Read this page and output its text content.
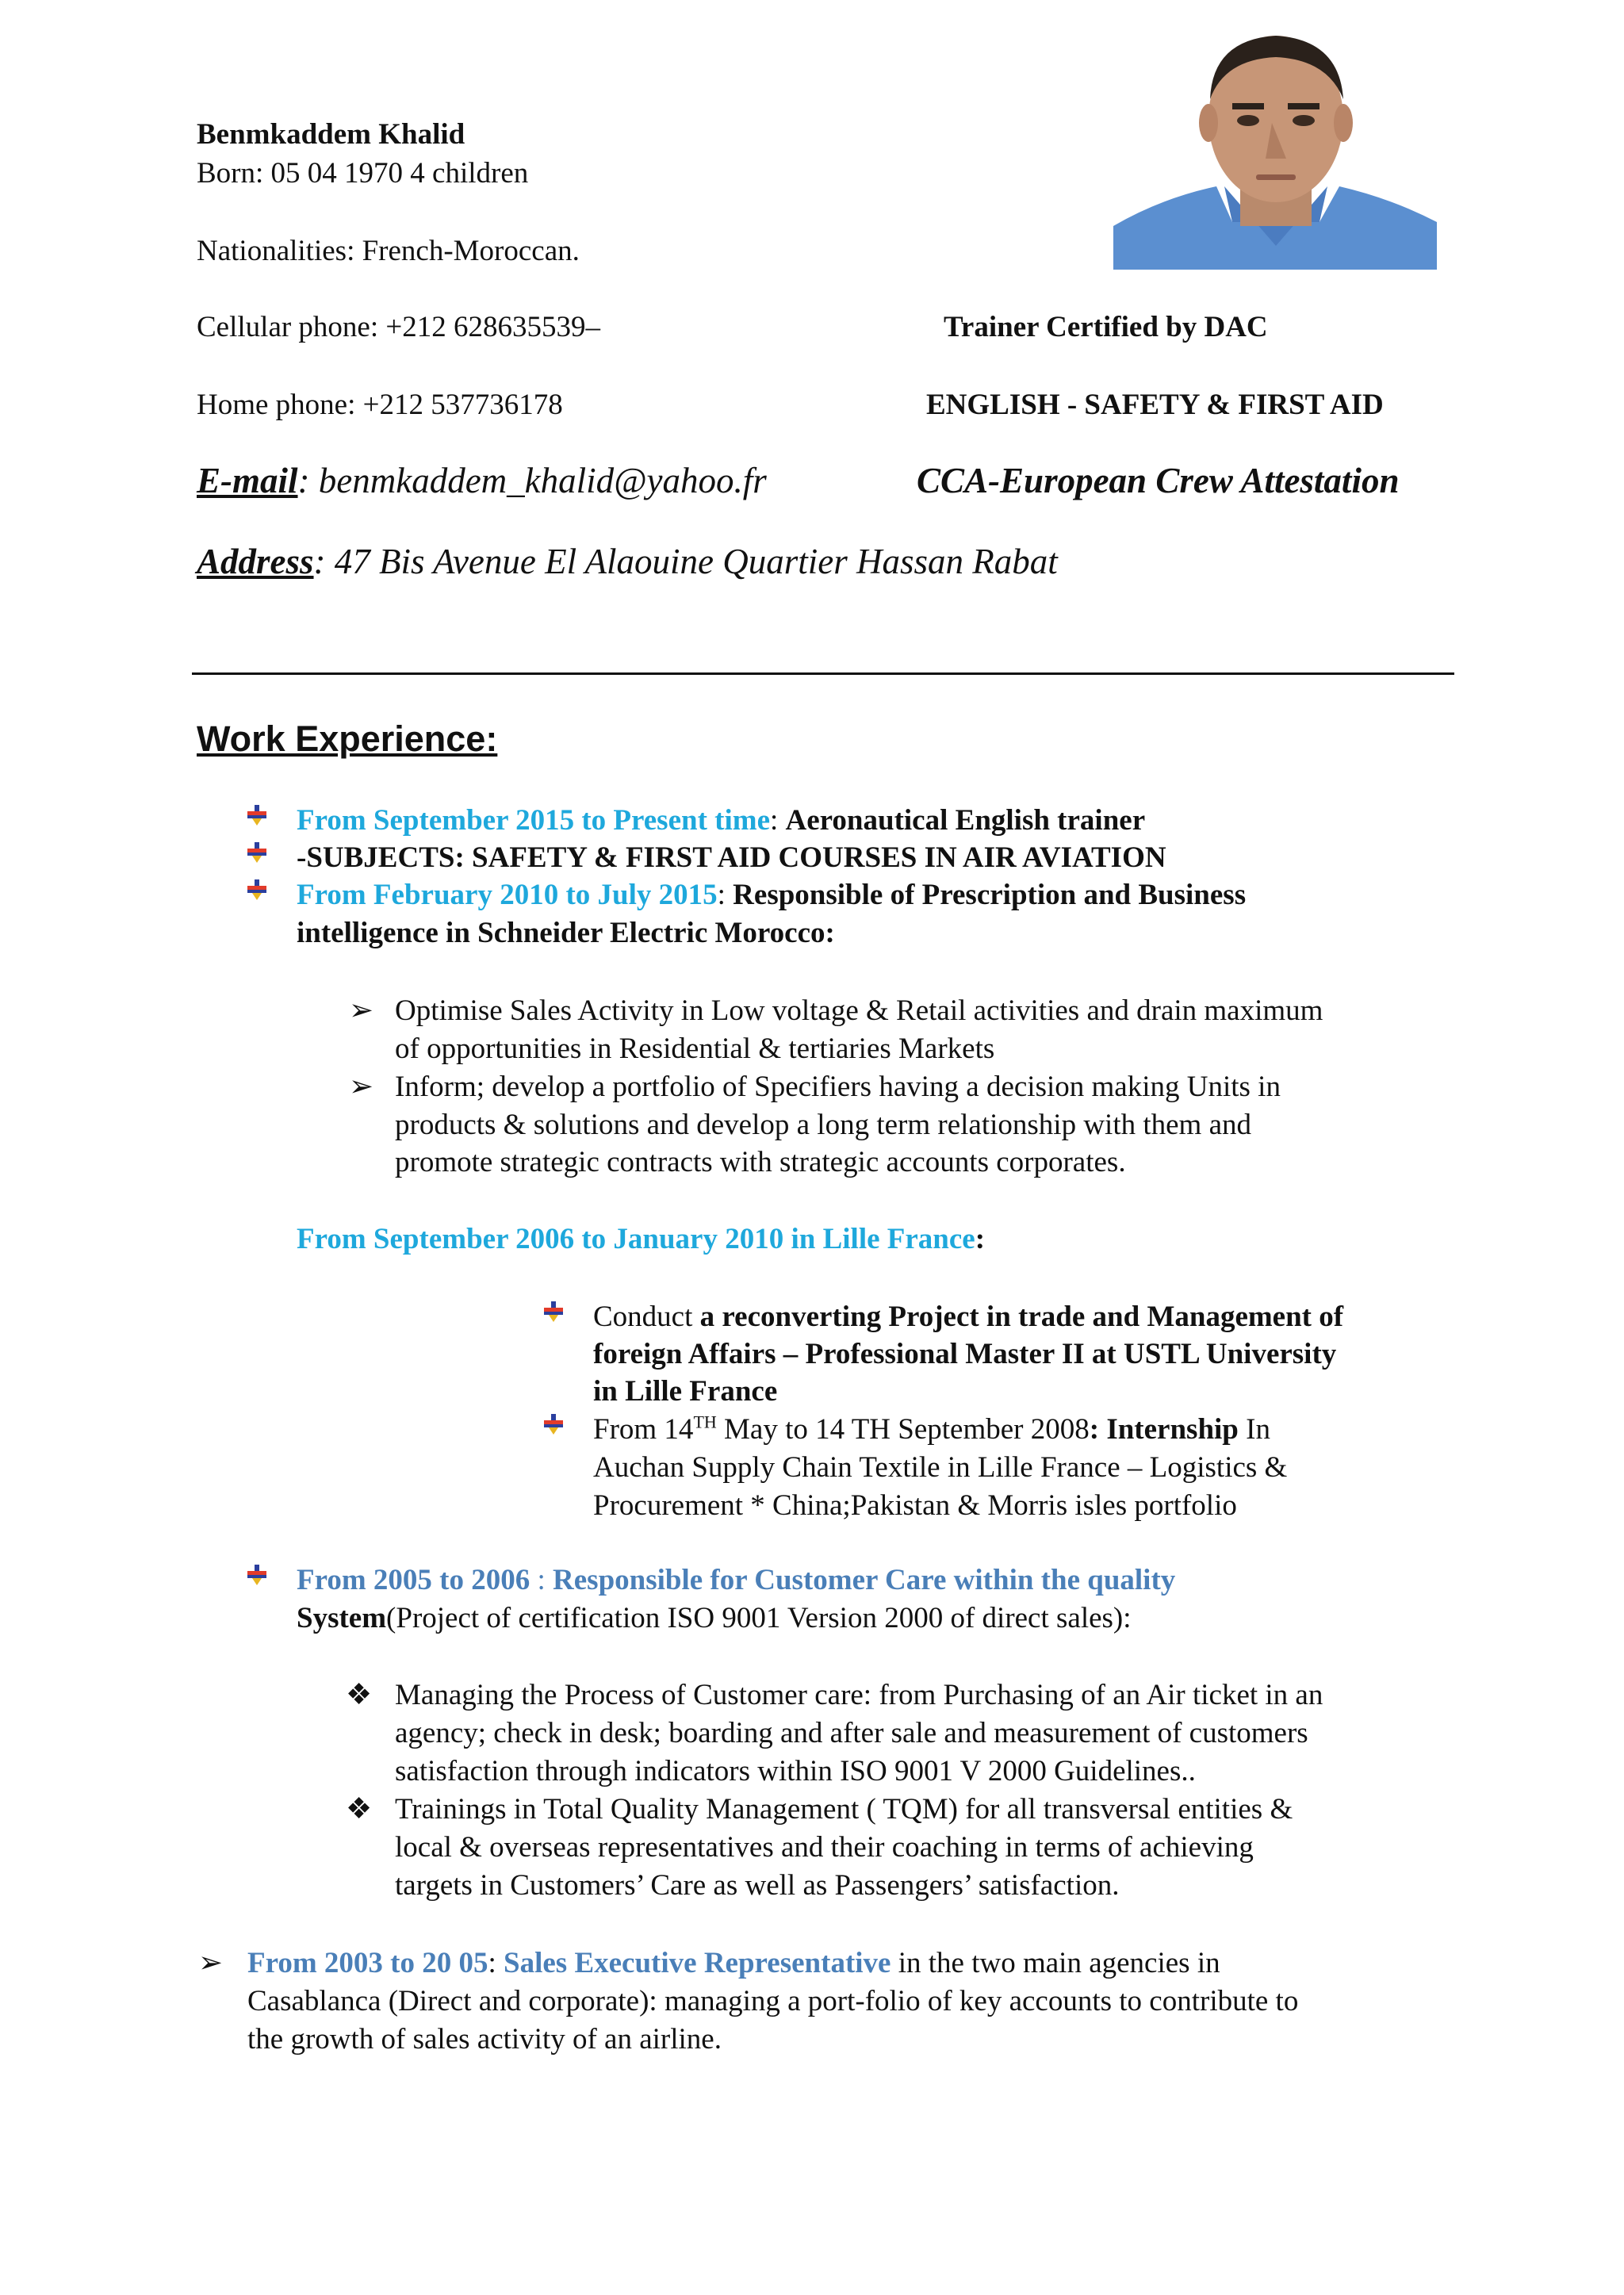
Benmkaddem Khalid
Born: 05 04 1970 4 children
Nationalities: French-Moroccan.
Cellular phone: +212 628635539–
Home phone: +212 537736178
E-mail: benmkaddem_khalid@yahoo.fr
Address: 47 Bis Avenue El Alaouine Quartier Hassan Rabat
Trainer Certified by DAC
ENGLISH - SAFETY & FIRST AID
CCA-European Crew Attestation
Work Experience:
From September 2015 to Present time: Aeronautical English trainer
-SUBJECTS: SAFETY & FIRST AID COURSES IN AIR AVIATION
From February 2010 to July 2015: Responsible of Prescription and Business
intelligence in Schneider Electric Morocco:
➢ Optimise Sales Activity in Low voltage & Retail activities and drain maximum
of opportunities in Residential & tertiaries Markets
➢ Inform; develop a portfolio of Specifiers having a decision making Units in
products & solutions and develop a long term relationship with them and
promote strategic contracts with strategic accounts corporates.
From September 2006 to January 2010 in Lille France:
Conduct a reconverting Project in trade and Management of
foreign Affairs – Professional Master II at USTL University
in Lille France
From 14TH May to 14 TH September 2008: Internship In
Auchan Supply Chain Textile in Lille France – Logistics &
Procurement * China;Pakistan & Morris isles portfolio
From 2005 to 2006 : Responsible for Customer Care within the quality
System(Project of certification ISO 9001 Version 2000 of direct sales):
❖ Managing the Process of Customer care: from Purchasing of an Air ticket in an
agency; check in desk; boarding and after sale and measurement of customers
satisfaction through indicators within ISO 9001 V 2000 Guidelines..
❖ Trainings in Total Quality Management ( TQM) for all transversal entities &
local & overseas representatives and their coaching in terms of achieving
targets in Customers’ Care as well as Passengers’ satisfaction.
➢ From 2003 to 20 05: Sales Executive Representative in the two main agencies in
Casablanca (Direct and corporate): managing a port-folio of key accounts to contribute to
the growth of sales activity of an airline.
